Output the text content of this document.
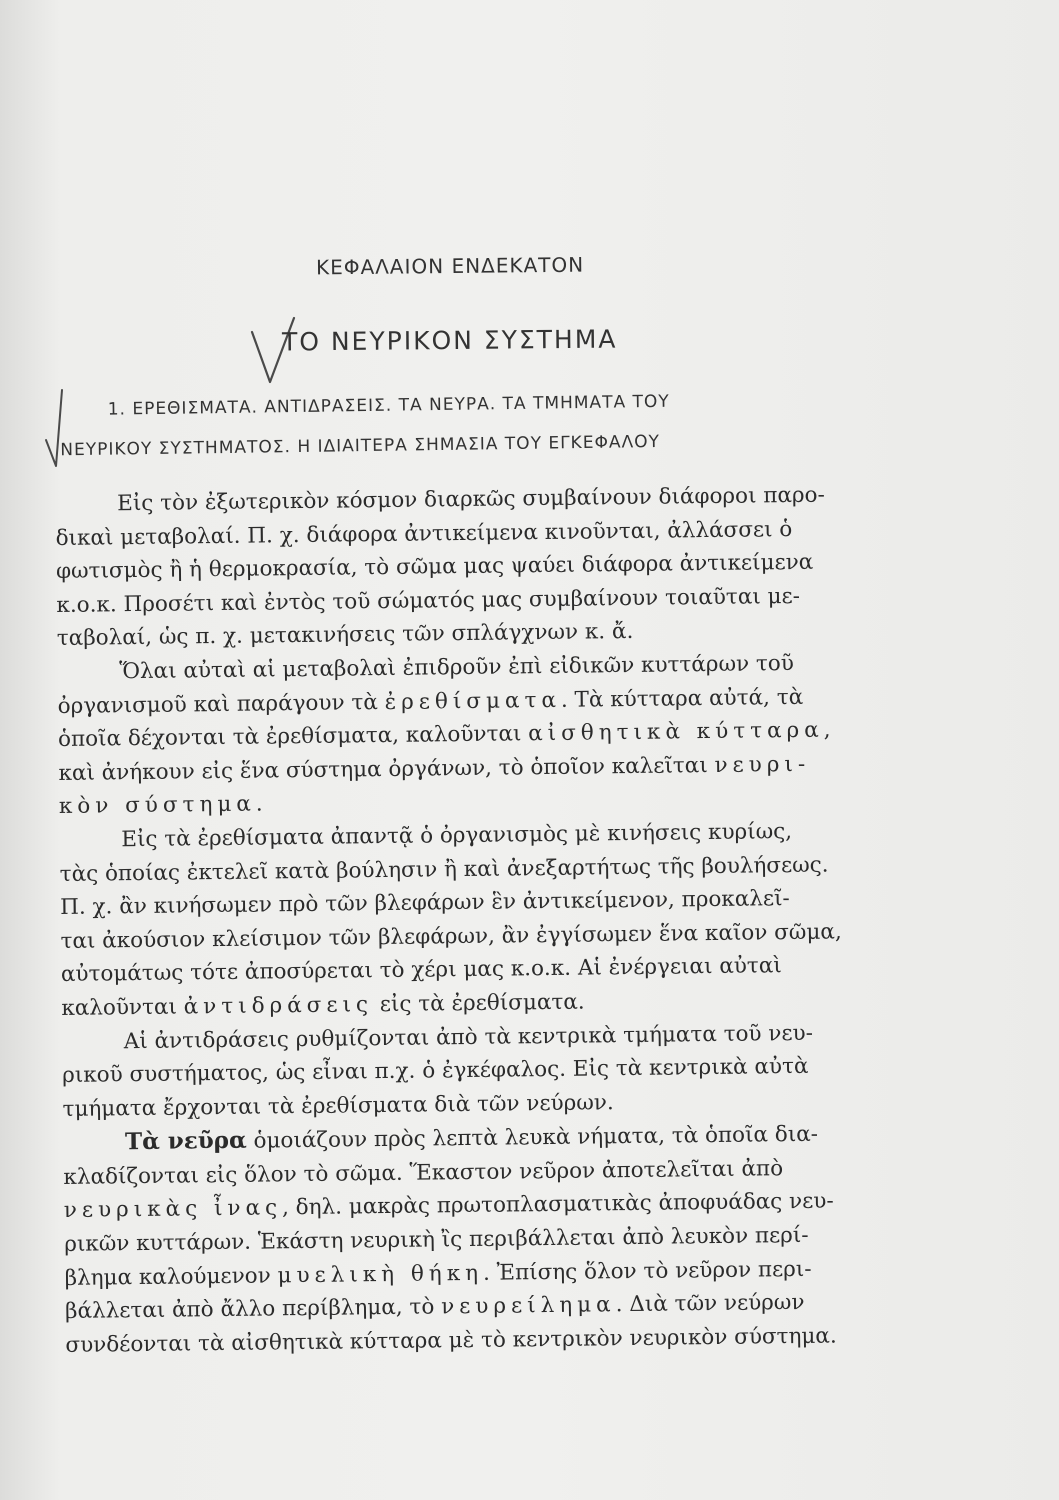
ΚΕΦΑΛΑΙΟΝ ΕΝΔΕΚΑΤΟΝ
ΤΟ ΝΕΥΡΙΚΟΝ ΣΥΣΤΗΜΑ
1. ΕΡΕΘΙΣΜΑΤΑ. ΑΝΤΙΔΡΑΣΕΙΣ. ΤΑ ΝΕΥΡΑ. ΤΑ ΤΜΗΜΑΤΑ ΤΟΥ
ΝΕΥΡΙΚΟΥ ΣΥΣΤΗΜΑΤΟΣ. Η ΙΔΙΑΙΤΕΡΑ ΣΗΜΑΣΙΑ ΤΟΥ ΕΓΚΕΦΑΛΟΥ

Εἰς τὸν ἐξωτερικὸν κόσμον διαρκῶς συμβαίνουν διάφοροι παρο-
δικαὶ μεταβολαί. Π. χ. διάφορα ἀντικείμενα κινοῦνται, ἀλλάσσει ὁ
φωτισμὸς ἢ ἡ θερμοκρασία, τὸ σῶμα μας ψαύει διάφορα ἀντικείμενα
κ.ο.κ. Προσέτι καὶ ἐντὸς τοῦ σώματός μας συμβαίνουν τοιαῦται με-
ταβολαί, ὡς π. χ. μετακινήσεις τῶν σπλάγχνων κ. ἄ.

Ὅλαι αὐταὶ αἱ μεταβολαὶ ἐπιδροῦν ἐπὶ εἰδικῶν κυττάρων τοῦ
ὀργανισμοῦ καὶ παράγουν τὰ ἐρεθίσματα. Τὰ κύτταρα αὐτά, τὰ
ὁποῖα δέχονται τὰ ἐρεθίσματα, καλοῦνται αἰσθητικὰ κύτταρα,
καὶ ἀνήκουν εἰς ἕνα σύστημα ὀργάνων, τὸ ὁποῖον καλεῖται νευρι-
κὸν σύστημα.

Εἰς τὰ ἐρεθίσματα ἀπαντᾷ ὁ ὀργανισμὸς μὲ κινήσεις κυρίως,
τὰς ὁποίας ἐκτελεῖ κατὰ βούλησιν ἢ καὶ ἀνεξαρτήτως τῆς βουλήσεως.
Π. χ. ἂν κινήσωμεν πρὸ τῶν βλεφάρων ἓν ἀντικείμενον, προκαλεῖ-
ται ἀκούσιον κλείσιμον τῶν βλεφάρων, ἂν ἐγγίσωμεν ἕνα καῖον σῶμα,
αὐτομάτως τότε ἀποσύρεται τὸ χέρι μας κ.ο.κ. Αἱ ἐνέργειαι αὐταὶ
καλοῦνται ἀντιδράσεις εἰς τὰ ἐρεθίσματα.

Αἱ ἀντιδράσεις ρυθμίζονται ἀπὸ τὰ κεντρικὰ τμήματα τοῦ νευ-
ρικοῦ συστήματος, ὡς εἶναι π.χ. ὁ ἐγκέφαλος. Εἰς τὰ κεντρικὰ αὐτὰ
τμήματα ἔρχονται τὰ ἐρεθίσματα διὰ τῶν νεύρων.

Τὰ νεῦρα ὁμοιάζουν πρὸς λεπτὰ λευκὰ νήματα, τὰ ὁποῖα δια-
κλαδίζονται εἰς ὅλον τὸ σῶμα. Ἕκαστον νεῦρον ἀποτελεῖται ἀπὸ
νευρικὰς ἶνας, δηλ. μακρὰς πρωτοπλασματικὰς ἀποφυάδας νευ-
ρικῶν κυττάρων. Ἑκάστη νευρικὴ ἲς περιβάλλεται ἀπὸ λευκὸν περί-
βλημα καλούμενον μυελικὴ θήκη. Ἐπίσης ὅλον τὸ νεῦρον περι-
βάλλεται ἀπὸ ἄλλο περίβλημα, τὸ νευρείλημα. Διὰ τῶν νεύρων
συνδέονται τὰ αἰσθητικὰ κύτταρα μὲ τὸ κεντρικὸν νευρικὸν σύστημα.
